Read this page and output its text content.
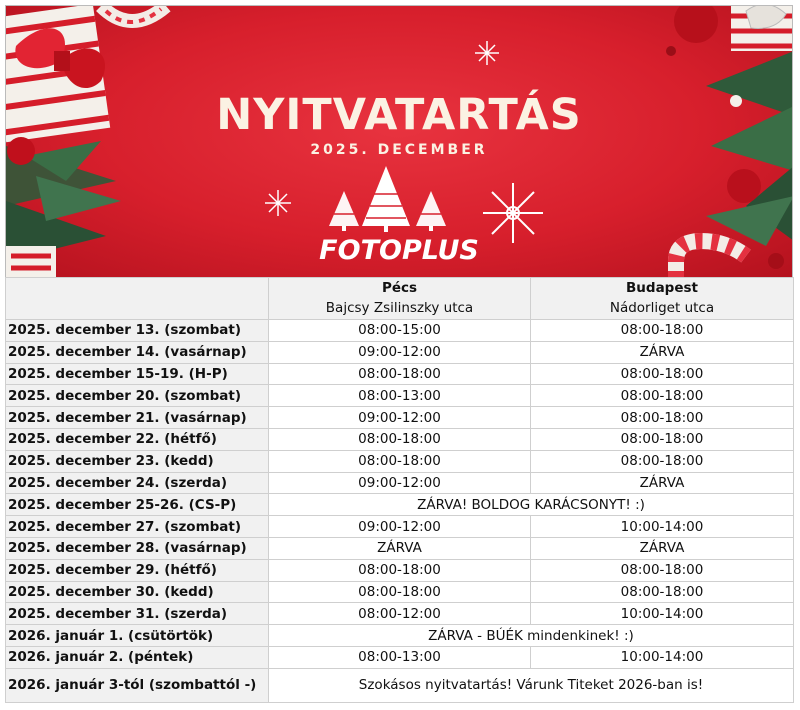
NYITVATARTÁS
2025. DECEMBER
FOTOPLUS
	Pécs	Budapest
	Bajcsy Zsilinszky utca	Nádorliget utca
2025. december 13. (szombat)	08:00-15:00	08:00-18:00
2025. december 14. (vasárnap)	09:00-12:00	ZÁRVA
2025. december 15-19. (H-P)	08:00-18:00	08:00-18:00
2025. december 20. (szombat)	08:00-13:00	08:00-18:00
2025. december 21. (vasárnap)	09:00-12:00	08:00-18:00
2025. december 22. (hétfő)	08:00-18:00	08:00-18:00
2025. december 23. (kedd)	08:00-18:00	08:00-18:00
2025. december 24. (szerda)	09:00-12:00	ZÁRVA
2025. december 25-26. (CS-P)	ZÁRVA! BOLDOG KARÁCSONYT! :)	
2025. december 27. (szombat)	09:00-12:00	10:00-14:00
2025. december 28. (vasárnap)	ZÁRVA	ZÁRVA
2025. december 29. (hétfő)	08:00-18:00	08:00-18:00
2025. december 30. (kedd)	08:00-18:00	08:00-18:00
2025. december 31. (szerda)	08:00-12:00	10:00-14:00
2026. január 1. (csütörtök)	ZÁRVA - BÚÉK mindenkinek! :)	
2026. január 2. (péntek)	08:00-13:00	10:00-14:00
2026. január 3-tól (szombattól -)	Szokásos nyitvatartás! Várunk Titeket 2026-ban is!	
